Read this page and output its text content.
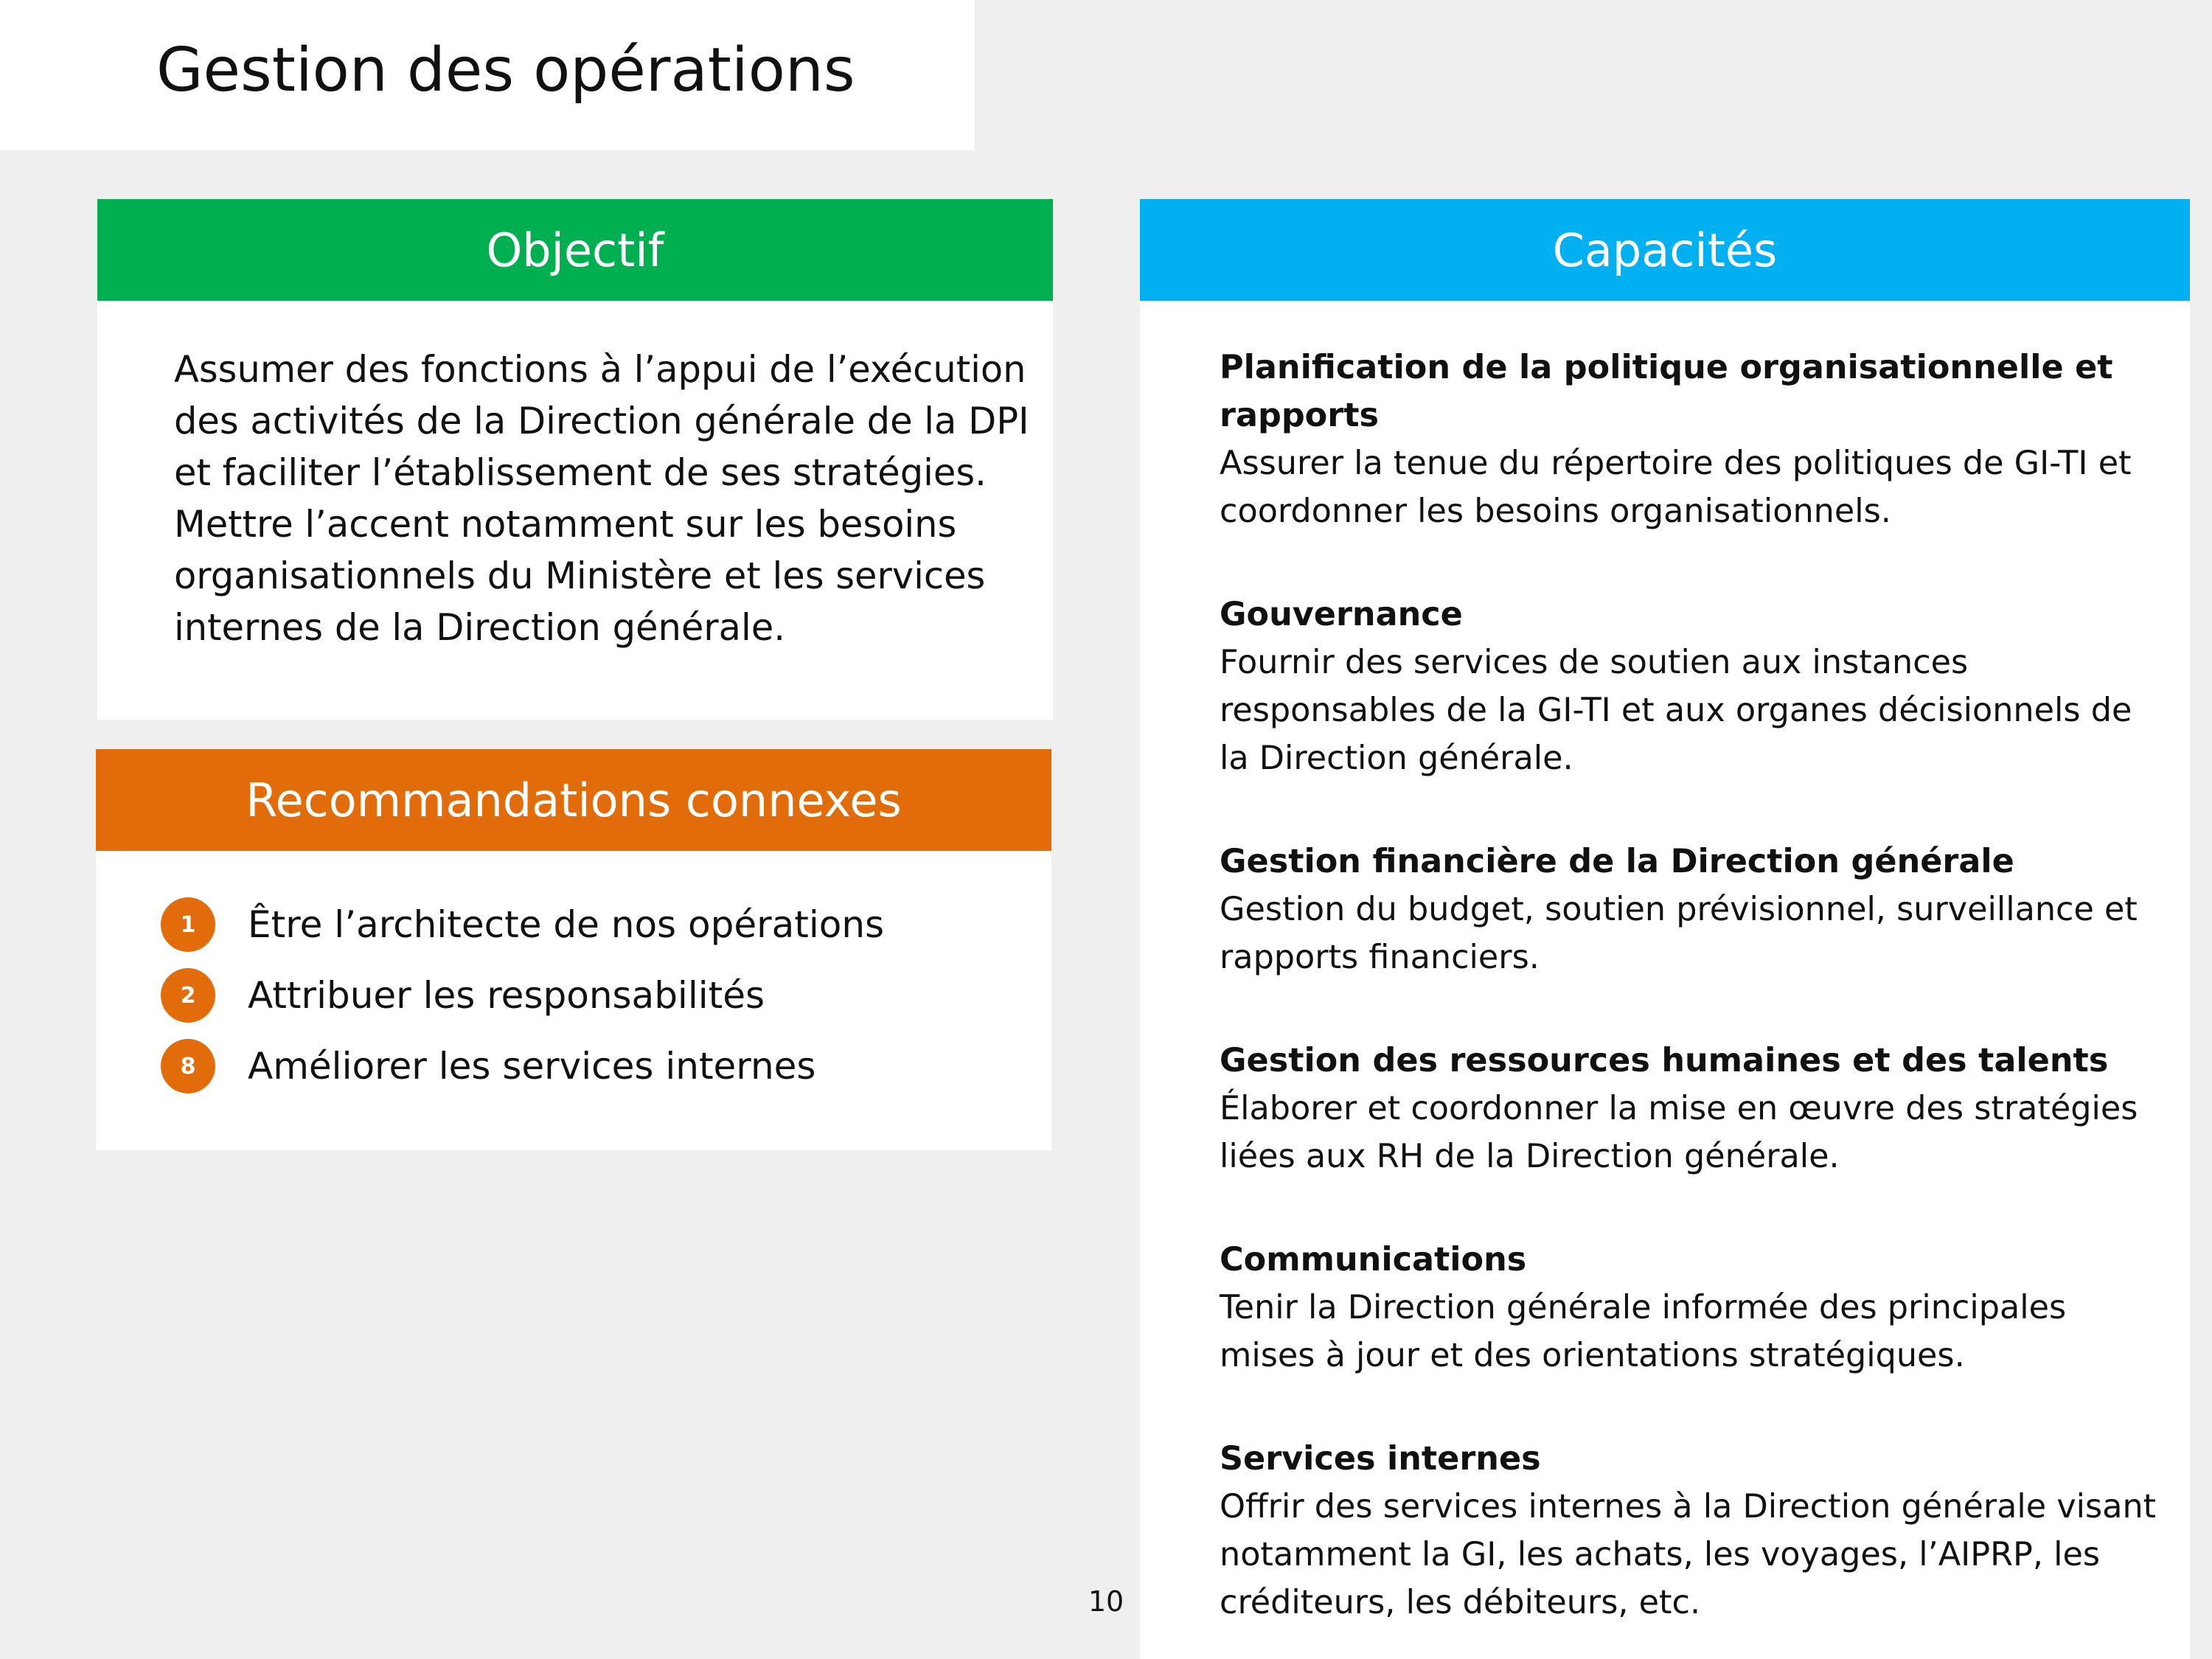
Gestion des opérations
Objectif

Assumer des fonctions à l’appui de l’exécution des activités de la Direction générale de la DPI et faciliter l’établissement de ses stratégies. Mettre l’accent notamment sur les besoins organisationnels du Ministère et les services internes de la Direction générale.

Recommandations connexes
1	Être l’architecte de nos opérations
2	Attribuer les responsabilités
8	Améliorer les services internes
Capacités
Planification de la politique organisationnelle et rapports
Assurer la tenue du répertoire des politiques de GI-TI et coordonner les besoins organisationnels.
Gouvernance
Fournir des services de soutien aux instances responsables de la GI-TI et aux organes décisionnels de la Direction générale.
Gestion financière de la Direction générale
Gestion du budget, soutien prévisionnel, surveillance et rapports financiers.
Gestion des ressources humaines et des talents
Élaborer et coordonner la mise en œuvre des stratégies liées aux RH de la Direction générale.
Communications
Tenir la Direction générale informée des principales mises à jour et des orientations stratégiques.
Services internes
Offrir des services internes à la Direction générale visant notamment la GI, les achats, les voyages, l’AIPRP, les créditeurs, les débiteurs, etc.
10
